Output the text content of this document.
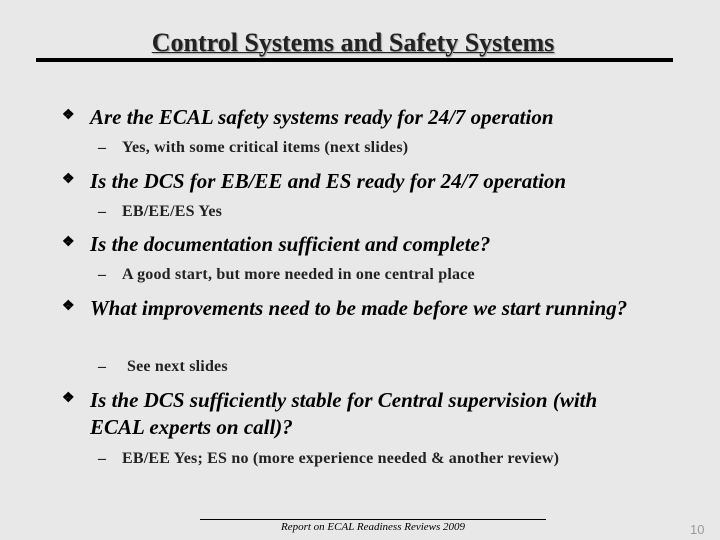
Control Systems and Safety Systems
❖ Are the ECAL safety systems ready for 24/7 operation
– Yes, with some critical items (next slides)
❖ Is the DCS for EB/EE and ES ready for 24/7 operation
– EB/EE/ES Yes
❖ Is the documentation sufficient and complete?
– A good start, but more needed in one central place
❖ What improvements need to be made before we start running?
– See next slides
❖ Is the DCS sufficiently stable for Central supervision (with ECAL experts on call)?
– EB/EE Yes; ES no (more experience needed & another review)
Report on ECAL Readiness Reviews 2009	10
